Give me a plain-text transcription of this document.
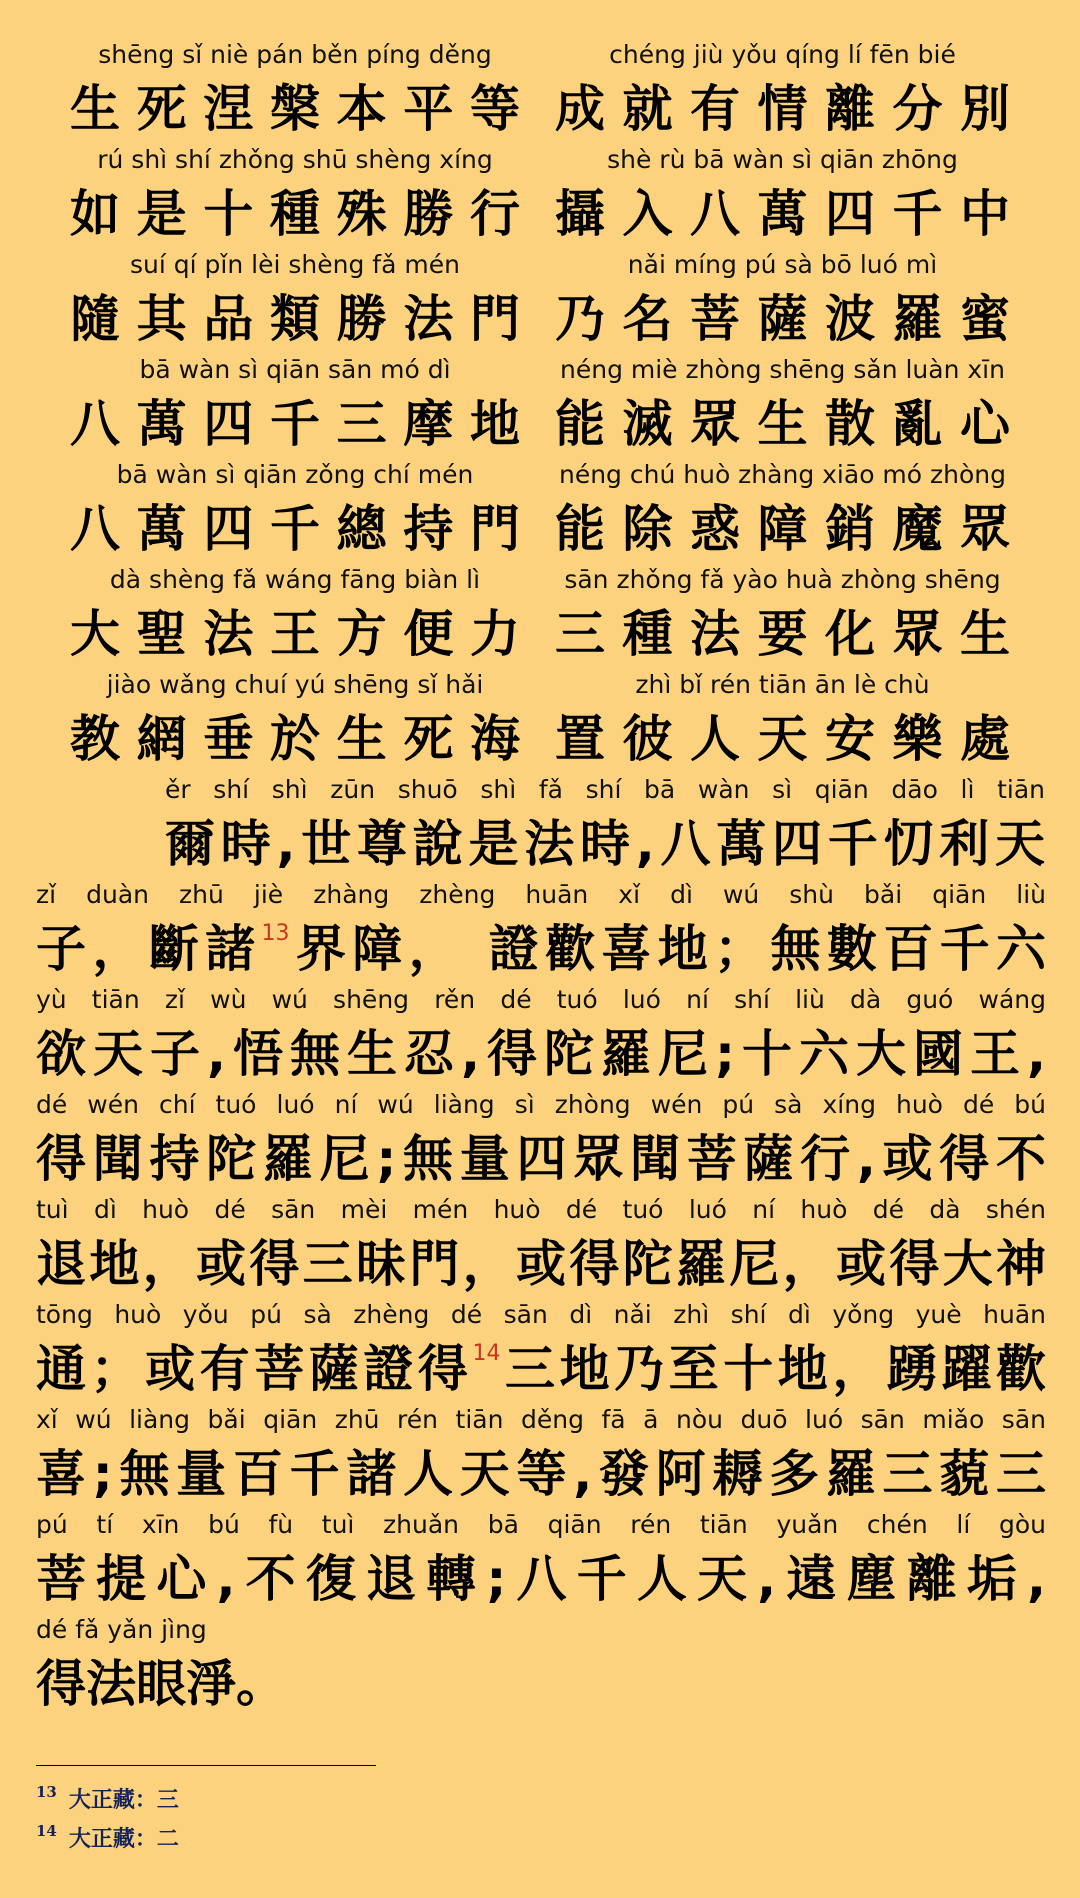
shēng sǐ niè pán běn píng děng
生死涅槃本平等
chéng jiù yǒu qíng lí fēn bié
成就有情離分別
rú shì shí zhǒng shū shèng xíng
如是十種殊勝行
shè rù bā wàn sì qiān zhōng
攝入八萬四千中
suí qí pǐn lèi shèng fǎ mén
隨其品類勝法門
nǎi míng pú sà bō luó mì
乃名菩薩波羅蜜
bā wàn sì qiān sān mó dì
八萬四千三摩地
néng miè zhòng shēng sǎn luàn xīn
能滅眾生散亂心
bā wàn sì qiān zǒng chí mén
八萬四千總持門
néng chú huò zhàng xiāo mó zhòng
能除惑障銷魔眾
dà shèng fǎ wáng fāng biàn lì
大聖法王方便力
sān zhǒng fǎ yào huà zhòng shēng
三種法要化眾生
jiào wǎng chuí yú shēng sǐ hǎi
教網垂於生死海
zhì bǐ rén tiān ān lè chù
置彼人天安樂處
ěr shí shì zūn shuō shì fǎ shí bā wàn sì qiān dāo lì tiān
爾時,世尊說是法時,八萬四千忉利天
zǐ duàn zhū jiè zhàng zhèng huān xǐ dì wú shù bǎi qiān liù
子，斷諸$^{13}$界障， 證歡喜地；無數百千六
yù tiān zǐ wù wú shēng rěn dé tuó luó ní shí liù dà guó wáng
欲天子,悟無生忍,得陀羅尼;十六大國王,
dé wén chí tuó luó ní wú liàng sì zhòng wén pú sà xíng huò dé bú
得聞持陀羅尼;無量四眾聞菩薩行,或得不
tuì dì huò dé sān mèi mén huò dé tuó luó ní huò dé dà shén
退地，或得三昧門，或得陀羅尼，或得大神
tōng huò yǒu pú sà zhèng dé sān dì nǎi zhì shí dì yǒng yuè huān
通；或有菩薩證得$^{14}$三地乃至十地，踴躍歡
xǐ wú liàng bǎi qiān zhū rén tiān děng fā ā nòu duō luó sān miǎo sān
喜;無量百千諸人天等,發阿耨多羅三藐三
pú tí xīn bú fù tuì zhuǎn bā qiān rén tiān yuǎn chén lí gòu
菩提心,不復退轉;八千人天,遠塵離垢,
dé fǎ yǎn jìng
得法眼淨。
$^{13}$ 大正藏：三
$^{14}$ 大正藏：二
